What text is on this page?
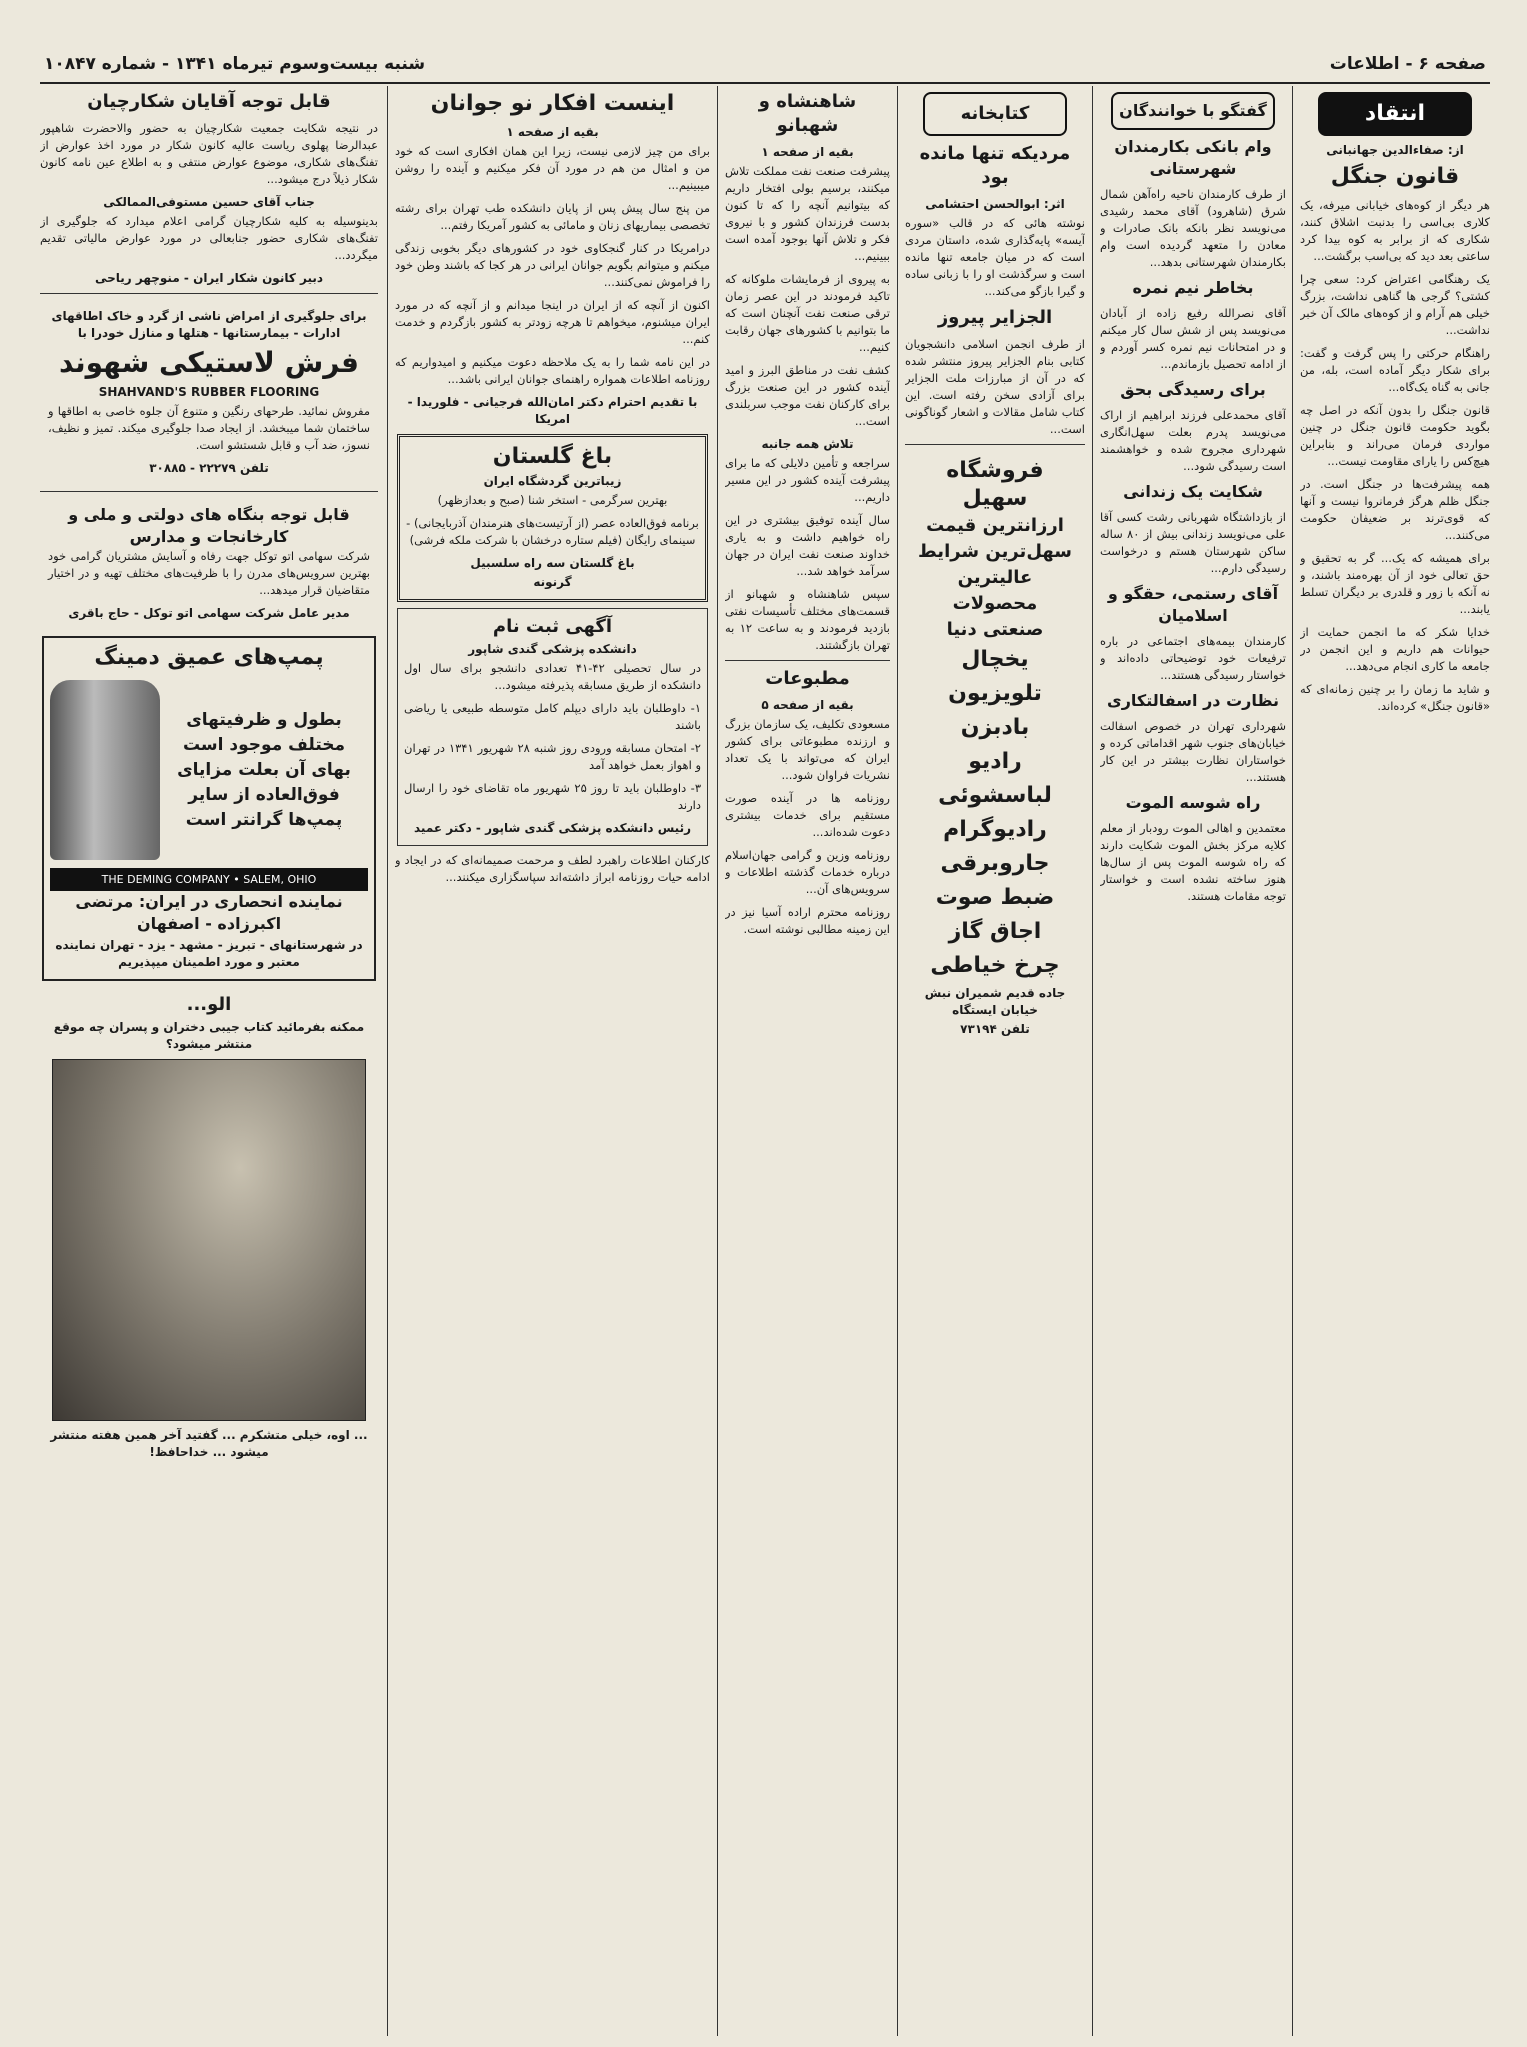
صفحه ۶ - اطلاعات
شنبه بیست‌وسوم تیرماه ۱۳۴۱ - شماره ۱۰۸۴۷
انتقاد
از: صفاءالدین جهانبانی
قانون جنگل

هر دیگر از کوه‌های خیابانی میرفه، یک کلاری بی‌اسی را بدنبت اشلاق کنند، شکاری که از برابر به کوه بیدا کرد ساعتی بعد دید که بی‌اسب برگشت...

یک رهنگامی اعتراض کرد: سعی چرا کشتی؟ گرجی ها گناهی نداشت، بزرگ خیلی هم آرام و از کوه‌های مالک آن خبر نداشت...

راهنگام حرکتی را پس گرفت و گفت: برای شکار دیگر آماده است، بله، من جانی به گناه یک‌گاه...

قانون جنگل را بدون آنکه در اصل چه بگوید حکومت قانون جنگل در چنین مواردی فرمان می‌راند و بنابراین هیچ‌کس را یارای مقاومت نیست...

همه پیشرفت‌ها در جنگل است. در جنگل ظلم هرگز فرمانروا نیست و آنها که قوی‌ترند بر ضعیفان حکومت می‌کنند...

برای همیشه که یک... گر به تحقیق و حق تعالی خود از آن بهره‌مند باشند، و نه آنکه با زور و قلدری بر دیگران تسلط یابند...

خدایا شکر که ما انجمن حمایت از حیوانات هم داریم و این انجمن در جامعه ما کاری انجام می‌دهد...

و شاید ما زمان را بر چنین زمانه‌ای که «قانون جنگل» کرده‌اند.

گفتگو با خوانندگان
وام بانکی بکارمندان شهرستانی

از طرف کارمندان ناحیه راه‌آهن شمال شرق (شاهرود) آقای محمد رشیدی می‌نویسد نظر بانکه بانک صادرات و معادن را متعهد گردیده است وام بکارمندان شهرستانی بدهد...

بخاطر نیم نمره

آقای نصرالله رفیع زاده از آبادان می‌نویسد پس از شش سال کار میکنم و در امتحانات نیم نمره کسر آوردم و از ادامه تحصیل بازماندم...

برای رسیدگی بحق

آقای محمدعلی فرزند ابراهیم از اراک می‌نویسد پدرم بعلت سهل‌انگاری شهرداری مجروح شده و خواهشمند است رسیدگی شود...

شکایت یک زندانی

از بازداشتگاه شهربانی رشت کسی آقا علی می‌نویسد زندانی بیش از ۸۰ ساله ساکن شهرستان هستم و درخواست رسیدگی دارم...

آقای رستمی، حقگو و اسلامیان

کارمندان بیمه‌های اجتماعی در باره ترفیعات خود توضیحاتی داده‌اند و خواستار رسیدگی هستند...

نظارت در اسفالتکاری

شهرداری تهران در خصوص اسفالت خیابان‌های جنوب شهر اقداماتی کرده و خواستاران نظارت بیشتر در این کار هستند...

راه شوسه الموت

معتمدین و اهالی الموت رودبار از معلم کلایه مرکز بخش الموت شکایت دارند که راه شوسه الموت پس از سال‌ها هنوز ساخته نشده است و خواستار توجه مقامات هستند.

کتابخانه
مردیکه تنها مانده بود
اثر: ابوالحسن احتشامی

نوشته هائی که در قالب «سوره آیسه» پایه‌گذاری شده، داستان مردی است که در میان جامعه تنها مانده است و سرگذشت او را با زبانی ساده و گیرا بازگو می‌کند...

الجزایر پیروز

از طرف انجمن اسلامی دانشجویان کتابی بنام الجزایر پیروز منتشر شده که در آن از مبارزات ملت الجزایر برای آزادی سخن رفته است. این کتاب شامل مقالات و اشعار گوناگونی است...

فروشگاه سهیل
ارزانترین قیمت
سهل‌ترین شرایط
عالیترین محصولات
صنعتی دنیا
یخچال
تلویزیون
بادبزن
رادیو
لباسشوئی
رادیوگرام
جاروبرقی
ضبط صوت
اجاق گاز
چرخ خیاطی
جاده قدیم شمیران نبش خیابان ایستگاه
تلفن ۷۳۱۹۴
شاهنشاه و شهبانو
بقیه از صفحه ۱

پیشرفت صنعت نفت مملکت تلاش میکنند، برسیم بولی افتخار داریم که بیتوانیم آنچه را که تا کنون بدست فرزندان کشور و با نیروی فکر و تلاش آنها بوجود آمده است ببینیم...

به پیروی از فرمایشات ملوکانه که تاکید فرمودند در این عصر زمان ترقی صنعت نفت آنچنان است که ما بتوانیم با کشورهای جهان رقابت کنیم...

کشف نفت در مناطق البرز و امید آینده کشور در این صنعت بزرگ برای کارکنان نفت موجب سربلندی است...

تلاش همه جانبه

سراجعه و تأمین دلایلی که ما برای پیشرفت آینده کشور در این مسیر داریم...

سال آینده توفیق بیشتری در این راه خواهیم داشت و به یاری خداوند صنعت نفت ایران در جهان سرآمد خواهد شد...

سپس شاهنشاه و شهبانو از قسمت‌های مختلف تأسیسات نفتی بازدید فرمودند و به ساعت ۱۲ به تهران بازگشتند.

مطبوعات
بقیه از صفحه ۵

مسعودی تکلیف، یک سازمان بزرگ و ارزنده مطبوعاتی برای کشور ایران که می‌تواند با یک تعداد نشریات فراوان شود...

روزنامه ها در آینده صورت مستقیم برای خدمات بیشتری دعوت شده‌اند...

روزنامه وزین و گرامی جهان‌اسلام درباره خدمات گذشته اطلاعات و سرویس‌های آن...

روزنامه محترم اراده آسیا نیز در این زمینه مطالبی نوشته است.

اینست افکار نو جوانان
بقیه از صفحه ۱

برای من چیز لازمی نیست، زیرا این همان افکاری است که خود من و امثال من هم در مورد آن فکر میکنیم و آینده را روشن میبینیم...

من پنج سال پیش پس از پایان دانشکده طب تهران برای رشته تخصصی بیماریهای زنان و مامائی به کشور آمریکا رفتم...

درامریکا در کنار گنجکاوی خود در کشورهای دیگر بخوبی زندگی میکنم و میتوانم بگویم جوانان ایرانی در هر کجا که باشند وطن خود را فراموش نمی‌کنند...

اکنون از آنچه که از ایران در اینجا میدانم و از آنچه که در مورد ایران میشنوم، میخواهم تا هرچه زودتر به کشور بازگردم و خدمت کنم...

در این نامه شما را به یک ملاحظه دعوت میکنیم و امیدواریم که روزنامه اطلاعات همواره راهنمای جوانان ایرانی باشد...

با تقدیم احترام دکتر امان‌الله فرجیانی - فلوریدا - امریکا
باغ گلستان
زیباترین گردشگاه ایران

بهترین سرگرمی - استخر شنا (صبح و بعدازظهر)

برنامه فوق‌العاده عصر (از آرتیست‌های هنرمندان آذربایجانی) - سینمای رایگان (فیلم ستاره درخشان با شرکت ملکه فرشی)

باغ گلستان سه راه سلسبیل
گرنونه
آگهی ثبت نام
دانشکده پزشکی گندی شاپور

در سال تحصیلی ۴۲-۴۱ تعدادی دانشجو برای سال اول دانشکده از طریق مسابقه پذیرفته میشود...

۱- داوطلبان باید دارای دیپلم کامل متوسطه طبیعی یا ریاضی باشند

۲- امتحان مسابقه ورودی روز شنبه ۲۸ شهریور ۱۳۴۱ در تهران و اهواز بعمل خواهد آمد

۳- داوطلبان باید تا روز ۲۵ شهریور ماه تقاضای خود را ارسال دارند

رئیس دانشکده پزشکی گندی شاپور - دکتر عمید

کارکنان اطلاعات راهبرد لطف و مرحمت صمیمانه‌ای که در ایجاد و ادامه حیات روزنامه ابراز داشته‌اند سپاسگزاری میکنند...

قابل توجه آقایان شکارچیان

در نتیجه شکایت جمعیت شکارچیان به حضور والاحضرت شاهپور عبدالرضا پهلوی ریاست عالیه کانون شکار در مورد اخذ عوارض از تفنگ‌های شکاری، موضوع عوارض منتفی و به اطلاع عین نامه کانون شکار ذیلاً درج میشود...

جناب آقای حسین مستوفی‌الممالکی

بدینوسیله به کلیه شکارچیان گرامی اعلام میدارد که جلوگیری از تفنگ‌های شکاری حضور جنابعالی در مورد عوارض مالیاتی تقدیم میگردد...

دبیر کانون شکار ایران - منوچهر ریاحی
برای جلوگیری از امراض ناشی از گرد و خاک اطاقهای ادارات - بیمارستانها - هتلها و منازل خودرا با
فرش لاستیکی شهوند
SHAHVAND'S RUBBER FLOORING

مفروش نمائید. طرحهای رنگین و متنوع آن جلوه خاصی به اطاقها و ساختمان شما میبخشد. از ایجاد صدا جلوگیری میکند. تمیز و نظیف، نسوز، ضد آب و قابل شستشو است.

تلفن ۲۲۲۷۹ - ۳۰۸۸۵
قابل توجه بنگاه های دولتی و ملی و کارخانجات و مدارس

شرکت سهامی اتو توکل جهت رفاه و آسایش مشتریان گرامی خود بهترین سرویس‌های مدرن را با ظرفیت‌های مختلف تهیه و در اختیار متقاضیان قرار میدهد...

مدیر عامل شرکت سهامی اتو توکل - حاج باقری
پمپ‌های عمیق دمینگ
بطول و ظرفیتهای
مختلف موجود است
بهای آن بعلت مزایای
فوق‌العاده از سایر
پمپ‌ها گرانتر است
THE DEMING COMPANY • SALEM, OHIO
نماینده انحصاری در ایران: مرتضی اکبرزاده - اصفهان
در شهرستانهای - تبریز - مشهد - یزد - تهران نماینده معتبر و مورد اطمینان میپذیریم
الو...
ممکنه بفرمائید کتاب جیبی دختران و پسران چه موقع منتشر میشود؟
... اوه، خیلی متشکرم ... گفتید آخر همین هفته منتشر میشود ... خداحافظ!
